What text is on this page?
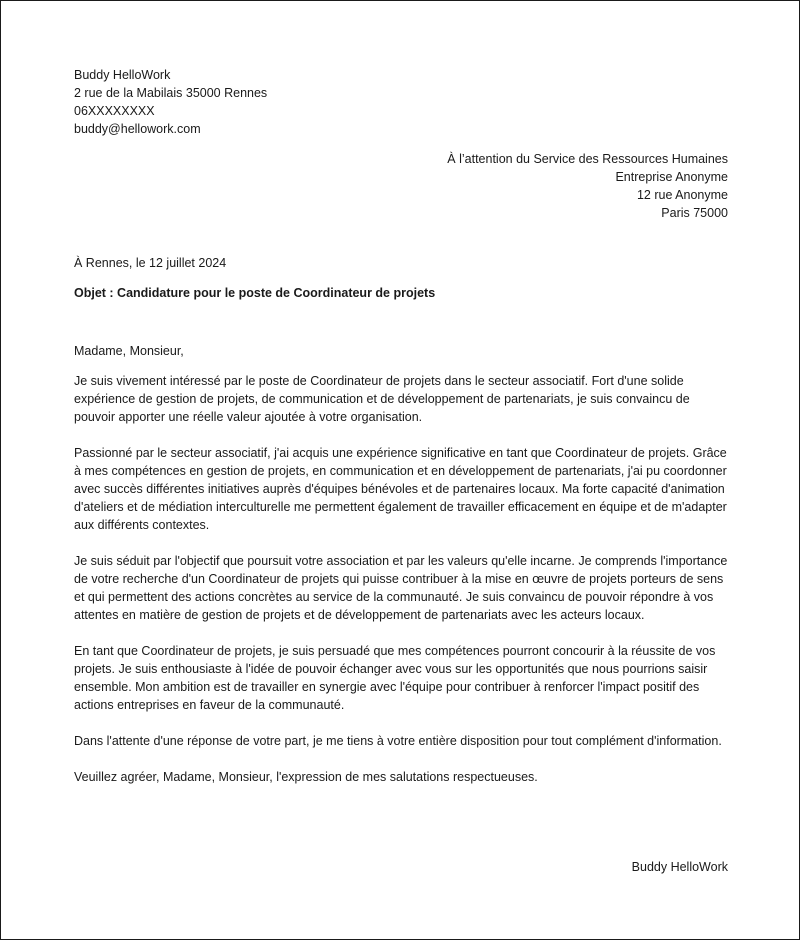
Buddy HelloWork
2 rue de la Mabilais 35000 Rennes
06XXXXXXXX
buddy@hellowork.com
À l’attention du Service des Ressources Humaines
Entreprise Anonyme
12 rue Anonyme
Paris 75000
À Rennes, le 12 juillet 2024
Objet : Candidature pour le poste de Coordinateur de projets
Madame, Monsieur,

Je suis vivement intéressé par le poste de Coordinateur de projets dans le secteur associatif. Fort d'une solide expérience de gestion de projets, de communication et de développement de partenariats, je suis convaincu de pouvoir apporter une réelle valeur ajoutée à votre organisation.

Passionné par le secteur associatif, j'ai acquis une expérience significative en tant que Coordinateur de projets. Grâce à mes compétences en gestion de projets, en communication et en développement de partenariats, j'ai pu coordonner avec succès différentes initiatives auprès d'équipes bénévoles et de partenaires locaux. Ma forte capacité d'animation d'ateliers et de médiation interculturelle me permettent également de travailler efficacement en équipe et de m'adapter aux différents contextes.

Je suis séduit par l'objectif que poursuit votre association et par les valeurs qu'elle incarne. Je comprends l'importance de votre recherche d'un Coordinateur de projets qui puisse contribuer à la mise en œuvre de projets porteurs de sens et qui permettent des actions concrètes au service de la communauté. Je suis convaincu de pouvoir répondre à vos attentes en matière de gestion de projets et de développement de partenariats avec les acteurs locaux.

En tant que Coordinateur de projets, je suis persuadé que mes compétences pourront concourir à la réussite de vos projets. Je suis enthousiaste à l'idée de pouvoir échanger avec vous sur les opportunités que nous pourrions saisir ensemble. Mon ambition est de travailler en synergie avec l'équipe pour contribuer à renforcer l'impact positif des actions entreprises en faveur de la communauté.

Dans l'attente d'une réponse de votre part, je me tiens à votre entière disposition pour tout complément d'information.

Veuillez agréer, Madame, Monsieur, l'expression de mes salutations respectueuses.

Buddy HelloWork
